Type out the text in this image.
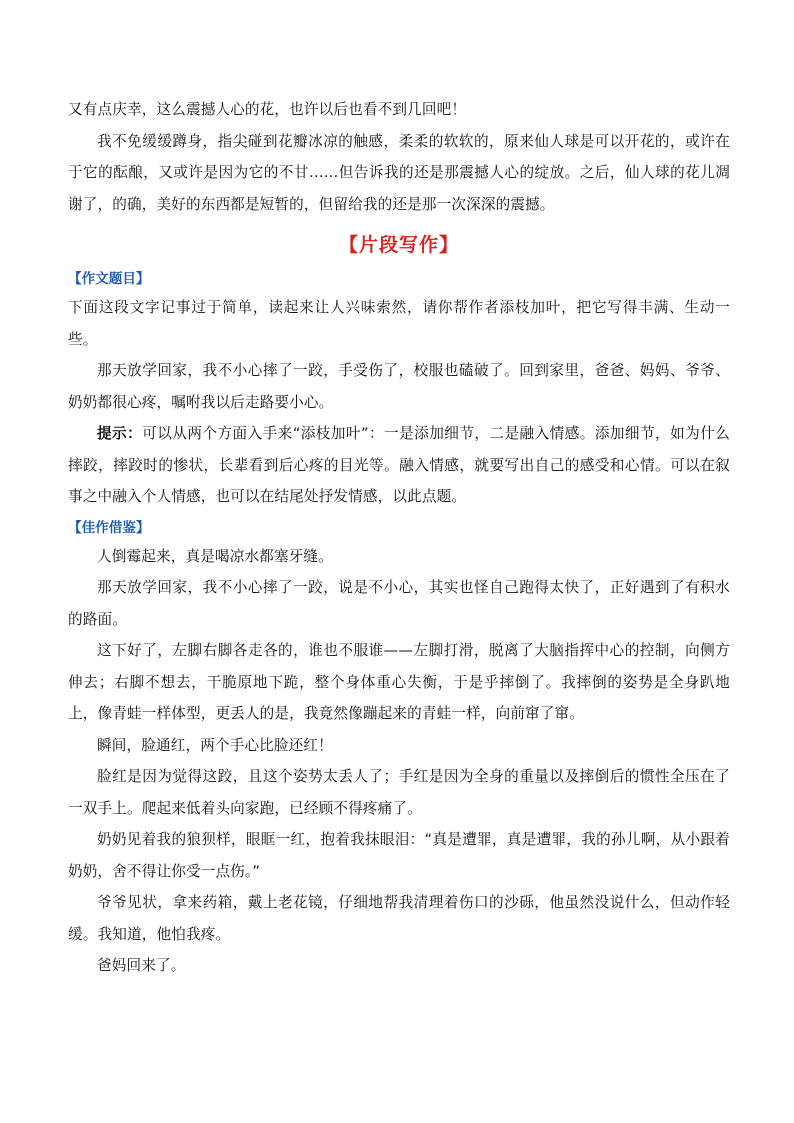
又有点庆幸，这么震撼人心的花，也许以后也看不到几回吧！

我不免缓缓蹲身，指尖碰到花瓣冰凉的触感，柔柔的软软的，原来仙人球是可以开花的，或许在于它的酝酿，又或许是因为它的不甘……但告诉我的还是那震撼人心的绽放。之后，仙人球的花儿凋谢了，的确，美好的东西都是短暂的，但留给我的还是那一次深深的震撼。

【片段写作】
【作文题目】

下面这段文字记事过于简单，读起来让人兴味索然，请你帮作者添枝加叶，把它写得丰满、生动一些。

那天放学回家，我不小心摔了一跤，手受伤了，校服也磕破了。回到家里，爸爸、妈妈、爷爷、奶奶都很心疼，嘱咐我以后走路要小心。

提示：可以从两个方面入手来“添枝加叶”：一是添加细节，二是融入情感。添加细节，如为什么摔跤，摔跤时的惨状，长辈看到后心疼的目光等。融入情感，就要写出自己的感受和心情。可以在叙事之中融入个人情感，也可以在结尾处抒发情感，以此点题。

【佳作借鉴】

人倒霉起来，真是喝凉水都塞牙缝。

那天放学回家，我不小心摔了一跤，说是不小心，其实也怪自己跑得太快了，正好遇到了有积水的路面。

这下好了，左脚右脚各走各的，谁也不服谁——左脚打滑，脱离了大脑指挥中心的控制，向侧方伸去；右脚不想去，干脆原地下跪，整个身体重心失衡，于是乎摔倒了。我摔倒的姿势是全身趴地上，像青蛙一样体型，更丢人的是，我竟然像蹦起来的青蛙一样，向前窜了窜。

瞬间，脸通红，两个手心比脸还红！

脸红是因为觉得这跤，且这个姿势太丢人了；手红是因为全身的重量以及摔倒后的惯性全压在了一双手上。爬起来低着头向家跑，已经顾不得疼痛了。

奶奶见着我的狼狈样，眼眶一红，抱着我抹眼泪：“真是遭罪，真是遭罪，我的孙儿啊，从小跟着奶奶，舍不得让你受一点伤。”

爷爷见状，拿来药箱，戴上老花镜，仔细地帮我清理着伤口的沙砾，他虽然没说什么，但动作轻缓。我知道，他怕我疼。

爸妈回来了。
